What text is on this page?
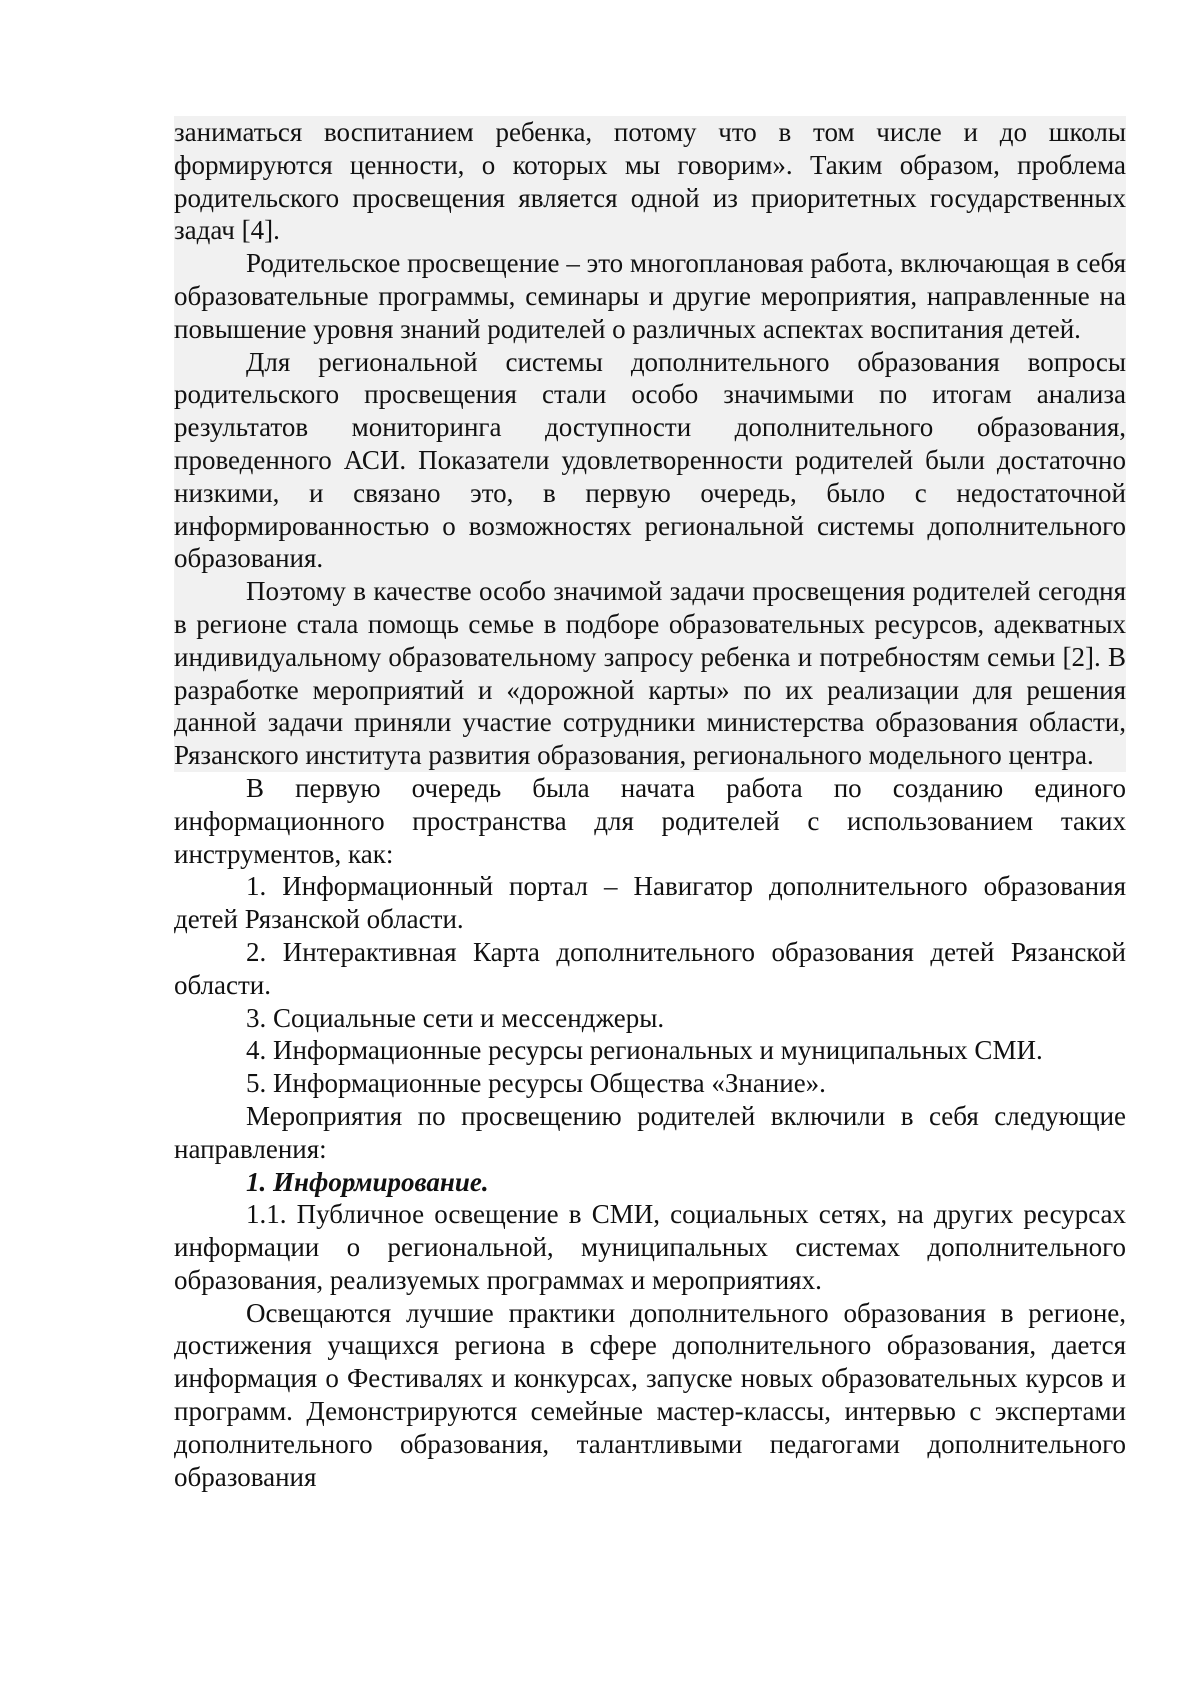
заниматься воспитанием ребенка, потому что в том числе и до школы формируются ценности, о которых мы говорим». Таким образом, проблема родительского просвещения является одной из приоритетных государственных задач [4].

Родительское просвещение – это многоплановая работа, включающая в себя образовательные программы, семинары и другие мероприятия, направленные на повышение уровня знаний родителей о различных аспектах воспитания детей.

Для региональной системы дополнительного образования вопросы родительского просвещения стали особо значимыми по итогам анализа результатов мониторинга доступности дополнительного образования, проведенного АСИ. Показатели удовлетворенности родителей были достаточно низкими, и связано это, в первую очередь, было с недостаточной информированностью о возможностях региональной системы дополнительного образования.

Поэтому в качестве особо значимой задачи просвещения родителей сегодня в регионе стала помощь семье в подборе образовательных ресурсов, адекватных индивидуальному образовательному запросу ребенка и потребностям семьи [2]. В разработке мероприятий и «дорожной карты» по их реализации для решения данной задачи приняли участие сотрудники министерства образования области, Рязанского института развития образования, регионального модельного центра.

В первую очередь была начата работа по созданию единого информационного пространства для родителей с использованием таких инструментов, как:

1. Информационный портал – Навигатор дополнительного образования детей Рязанской области.

2. Интерактивная Карта дополнительного образования детей Рязанской области.

3. Социальные сети и мессенджеры.

4. Информационные ресурсы региональных и муниципальных СМИ.

5. Информационные ресурсы Общества «Знание».

Мероприятия по просвещению родителей включили в себя следующие направления:

1. Информирование.

1.1. Публичное освещение в СМИ, социальных сетях, на других ресурсах информации о региональной, муниципальных системах дополнительного образования, реализуемых программах и мероприятиях.

Освещаются лучшие практики дополнительного образования в регионе, достижения учащихся региона в сфере дополнительного образования, дается информация о Фестивалях и конкурсах, запуске новых образовательных курсов и программ. Демонстрируются семейные мастер-классы, интервью с экспертами дополнительного образования, талантливыми педагогами дополнительного образования
